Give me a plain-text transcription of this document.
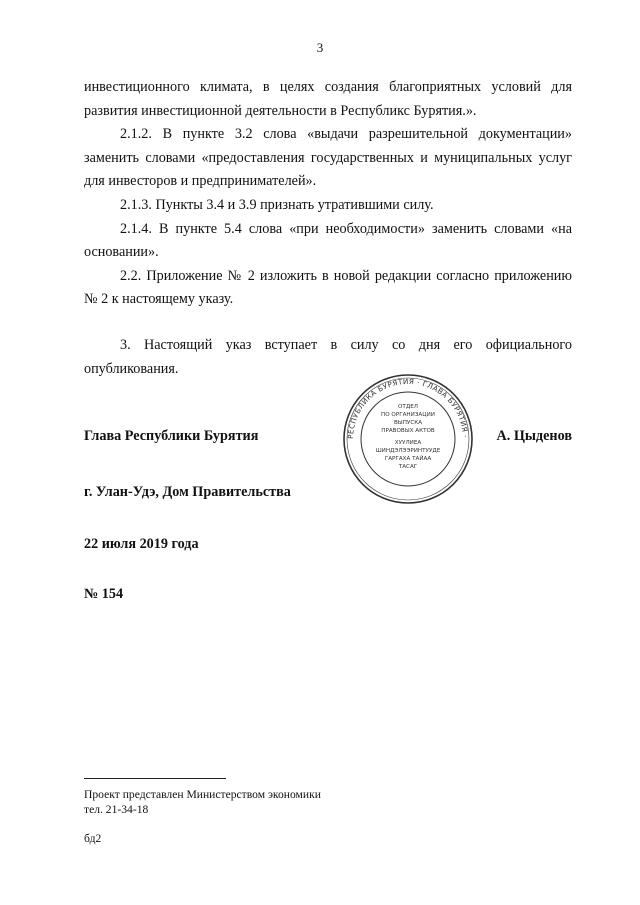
3

инвестиционного климата, в целях создания благоприятных условий для развития инвестиционной деятельности в Республикс Бурятия.».

2.1.2. В пункте 3.2 слова «выдачи разрешительной документации» заменить словами «предоставления государственных и муниципальных услуг для инвесторов и предпринимателей».

2.1.3. Пункты 3.4 и 3.9 признать утратившими силу.

2.1.4. В пункте 5.4 слова «при необходимости» заменить словами «на основании».

2.2. Приложение № 2 изложить в новой редакции согласно приложению № 2 к настоящему указу.

3. Настоящий указ вступает в силу со дня его официального опубликования.

РЕСПУБЛИКА БУРЯТИЯ · ГЛАВА БУРЯТИЯ ·
ОТДЕЛ
ПО ОРГАНИЗАЦИИ
ВЫПУСКА
ПРАВОВЫХ АКТОВ
ХУУЛИЕА
ШИНДЭЛЭЭРИНТУУДЕ
ГАРГАХА ТАЙАА
ТАСАГ
Глава Республики Бурятия	А. Цыденов
г. Улан-Удэ, Дом Правительства
22 июля 2019 года
№ 154
Проект представлен Министерством экономики
тел. 21-34-18
бд2
